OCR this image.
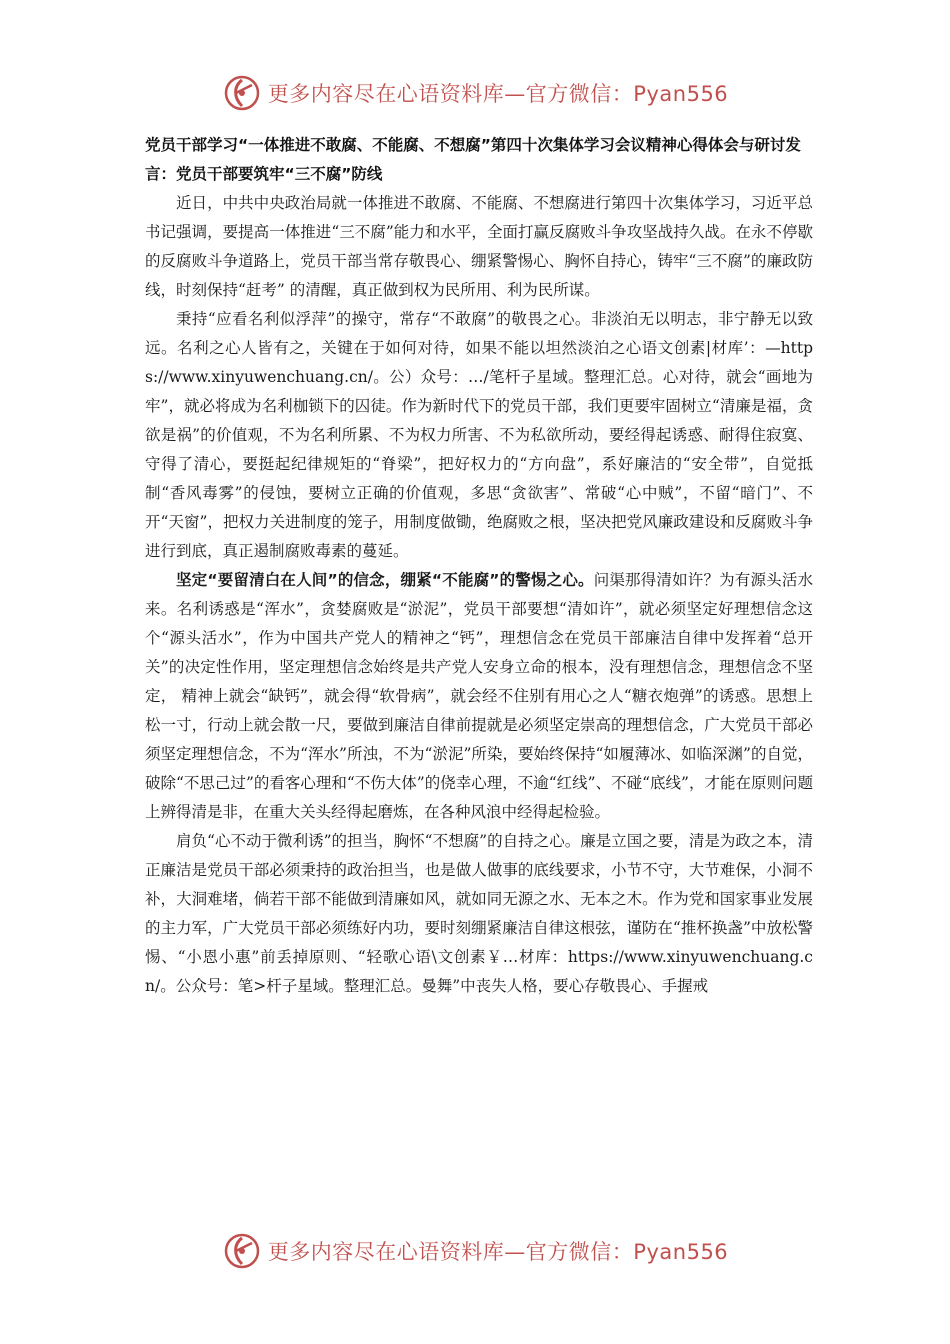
更多内容尽在心语资料库—官方微信：Pyan556

党员干部学习“一体推进不敢腐、不能腐、不想腐”第四十次集体学习会议精神心得体会与研讨发言：党员干部要筑牢“三不腐”防线

近日，中共中央政治局就一体推进不敢腐、不能腐、不想腐进行第四十次集体学习，习近平总书记强调，要提高一体推进“三不腐”能力和水平，全面打赢反腐败斗争攻坚战持久战。在永不停歇的反腐败斗争道路上，党员干部当常存敬畏心、绷紧警惕心、胸怀自持心，铸牢“三不腐”的廉政防线，时刻保持“赶考” 的清醒，真正做到权为民所用、利为民所谋。

秉持“应看名利似浮萍”的操守，常存“不敢腐”的敬畏之心。非淡泊无以明志，非宁静无以致远。名利之心人皆有之，关键在于如何对待，如果不能以坦然淡泊之心语文创素|材库’：—https://www.xinyuwenchuang.cn/。公）众号：…/笔杆子星域。整理汇总。心对待，就会“画地为牢”，就必将成为名利枷锁下的囚徒。作为新时代下的党员干部，我们更要牢固树立“清廉是福，贪欲是祸”的价值观，不为名利所累、不为权力所害、不为私欲所动，要经得起诱惑、耐得住寂寞、守得了清心，要挺起纪律规矩的“脊梁”，把好权力的“方向盘”，系好廉洁的“安全带”，自觉抵制“香风毒雾”的侵蚀，要树立正确的价值观，多思“贪欲害”、常破“心中贼”，不留“暗门”、不开“天窗”，把权力关进制度的笼子，用制度做锄，绝腐败之根，坚决把党风廉政建设和反腐败斗争进行到底，真正遏制腐败毒素的蔓延。

坚定“要留清白在人间”的信念，绷紧“不能腐”的警惕之心。问渠那得清如许？为有源头活水来。名利诱惑是“浑水”，贪婪腐败是“淤泥”，党员干部要想“清如许”，就必须坚定好理想信念这个“源头活水”，作为中国共产党人的精神之“钙”，理想信念在党员干部廉洁自律中发挥着“总开关”的决定性作用，坚定理想信念始终是共产党人安身立命的根本，没有理想信念，理想信念不坚定， 精神上就会“缺钙”，就会得“软骨病”，就会经不住别有用心之人“糖衣炮弹”的诱惑。思想上松一寸，行动上就会散一尺，要做到廉洁自律前提就是必须坚定崇高的理想信念，广大党员干部必须坚定理想信念，不为“浑水”所浊，不为“淤泥”所染，要始终保持“如履薄冰、如临深渊”的自觉，破除“不思己过”的看客心理和“不伤大体”的侥幸心理，不逾“红线”、不碰“底线”，才能在原则问题上辨得清是非，在重大关头经得起磨炼，在各种风浪中经得起检验。

肩负“心不动于微利诱”的担当，胸怀“不想腐”的自持之心。廉是立国之要，清是为政之本，清正廉洁是党员干部必须秉持的政治担当，也是做人做事的底线要求，小节不守，大节难保，小洞不补，大洞难堵，倘若干部不能做到清廉如风，就如同无源之水、无本之木。作为党和国家事业发展的主力军，广大党员干部必须练好内功，要时刻绷紧廉洁自律这根弦，谨防在“推杯换盏”中放松警惕、“小恩小惠”前丢掉原则、“轻歌心语\文创素￥…材库：https://www.xinyuwenchuang.cn/。公众号：笔>杆子星域。整理汇总。曼舞”中丧失人格，要心存敬畏心、手握戒

更多内容尽在心语资料库—官方微信：Pyan556
